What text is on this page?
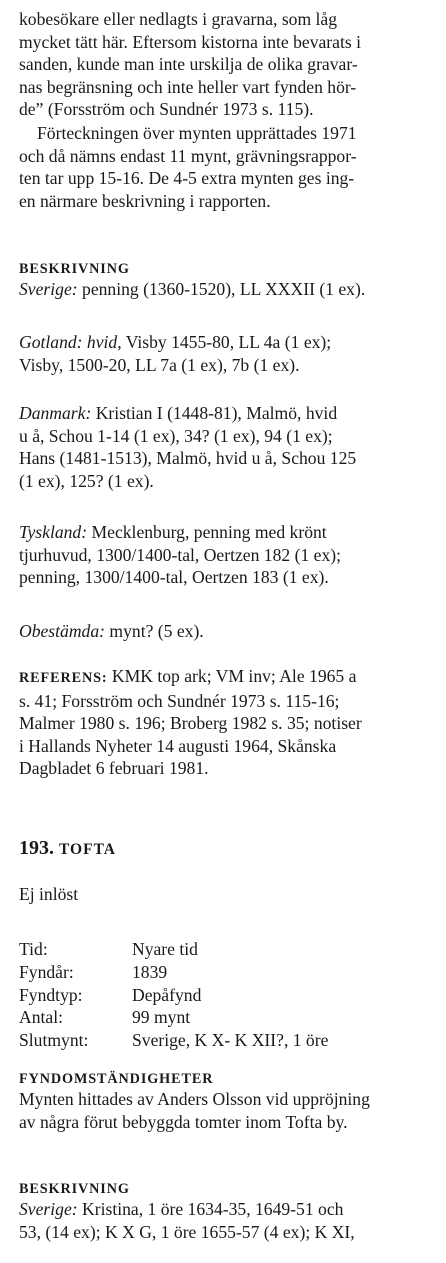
kobesökare eller nedlagts i gravarna, som låg
mycket tätt här. Eftersom kistorna inte bevarats i
sanden, kunde man inte urskilja de olika gravar-
nas begränsning och inte heller vart fynden hör-
de” (Forsström och Sundnér 1973 s. 115).
Förteckningen över mynten upprättades 1971
och då nämns endast 11 mynt, grävningsrappor-
ten tar upp 15-16. De 4-5 extra mynten ges ing-
en närmare beskrivning i rapporten.
BESKRIVNING
Sverige: penning (1360-1520), LL XXXII (1 ex).
Gotland: hvid, Visby 1455-80, LL 4a (1 ex);
Visby, 1500-20, LL 7a (1 ex), 7b (1 ex).
Danmark: Kristian I (1448-81), Malmö, hvid
u å, Schou 1-14 (1 ex), 34? (1 ex), 94 (1 ex);
Hans (1481-1513), Malmö, hvid u å, Schou 125
(1 ex), 125? (1 ex).
Tyskland: Mecklenburg, penning med krönt
tjurhuvud, 1300/1400-tal, Oertzen 182 (1 ex);
penning, 1300/1400-tal, Oertzen 183 (1 ex).
Obestämda: mynt? (5 ex).
REFERENS: KMK top ark; VM inv; Ale 1965 a
s. 41; Forsström och Sundnér 1973 s. 115-16;
Malmer 1980 s. 196; Broberg 1982 s. 35; notiser
i Hallands Nyheter 14 augusti 1964, Skånska
Dagbladet 6 februari 1981.
193. TOFTA
Ej inlöst
Tid:	Nyare tid
Fyndår:	1839
Fyndtyp:	Depåfynd
Antal:	99 mynt
Slutmynt:	Sverige, K X- K XII?, 1 öre
FYNDOMSTÄNDIGHETER
Mynten hittades av Anders Olsson vid uppröjning
av några förut bebyggda tomter inom Tofta by.
BESKRIVNING
Sverige: Kristina, 1 öre 1634-35, 1649-51 och
53, (14 ex); K X G, 1 öre 1655-57 (4 ex); K XI,
